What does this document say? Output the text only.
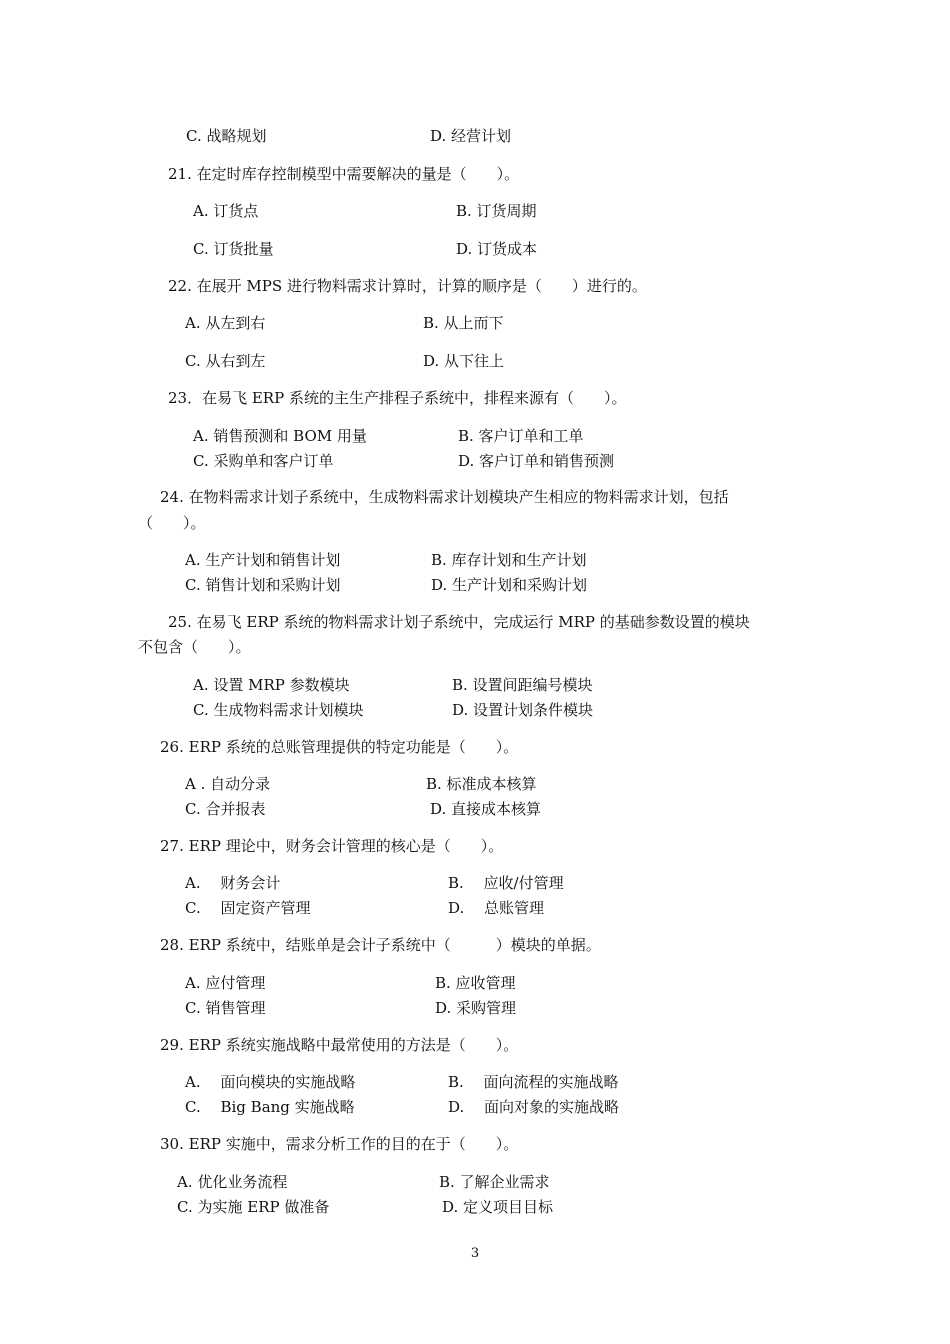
C. 战略规划	D. 经营计划
21. 在定时库存控制模型中需要解决的量是（　　）。
A. 订货点	B. 订货周期
C. 订货批量	D. 订货成本
22. 在展开 MPS 进行物料需求计算时，计算的顺序是（　　）进行的。
A. 从左到右	B. 从上而下
C. 从右到左	D. 从下往上
23．在易飞 ERP 系统的主生产排程子系统中，排程来源有（　　）。
A. 销售预测和 BOM 用量	B. 客户订单和工单
C. 采购单和客户订单	D. 客户订单和销售预测
24. 在物料需求计划子系统中，生成物料需求计划模块产生相应的物料需求计划，包括
（　　）。
A. 生产计划和销售计划	B. 库存计划和生产计划
C. 销售计划和采购计划	D. 生产计划和采购计划
25. 在易飞 ERP 系统的物料需求计划子系统中，完成运行 MRP 的基础参数设置的模块
不包含（　　）。
A. 设置 MRP 参数模块	B. 设置间距编号模块
C. 生成物料需求计划模块	D. 设置计划条件模块
26. ERP 系统的总账管理提供的特定功能是（　　）。
A . 自动分录	B. 标准成本核算
C. 合并报表	D. 直接成本核算
27. ERP 理论中，财务会计管理的核心是（　　）。
A.　 财务会计	B.　 应收/付管理
C.　 固定资产管理	D.　 总账管理
28. ERP 系统中，结账单是会计子系统中（　　　）模块的单据。
A. 应付管理	B. 应收管理
C. 销售管理	D. 采购管理
29. ERP 系统实施战略中最常使用的方法是（　　）。
A.　 面向模块的实施战略	B.　 面向流程的实施战略
C.　 Big Bang 实施战略	D.　 面向对象的实施战略
30. ERP 实施中，需求分析工作的目的在于（　　）。
A. 优化业务流程	B. 了解企业需求
C. 为实施 ERP 做准备	D. 定义项目目标
3
